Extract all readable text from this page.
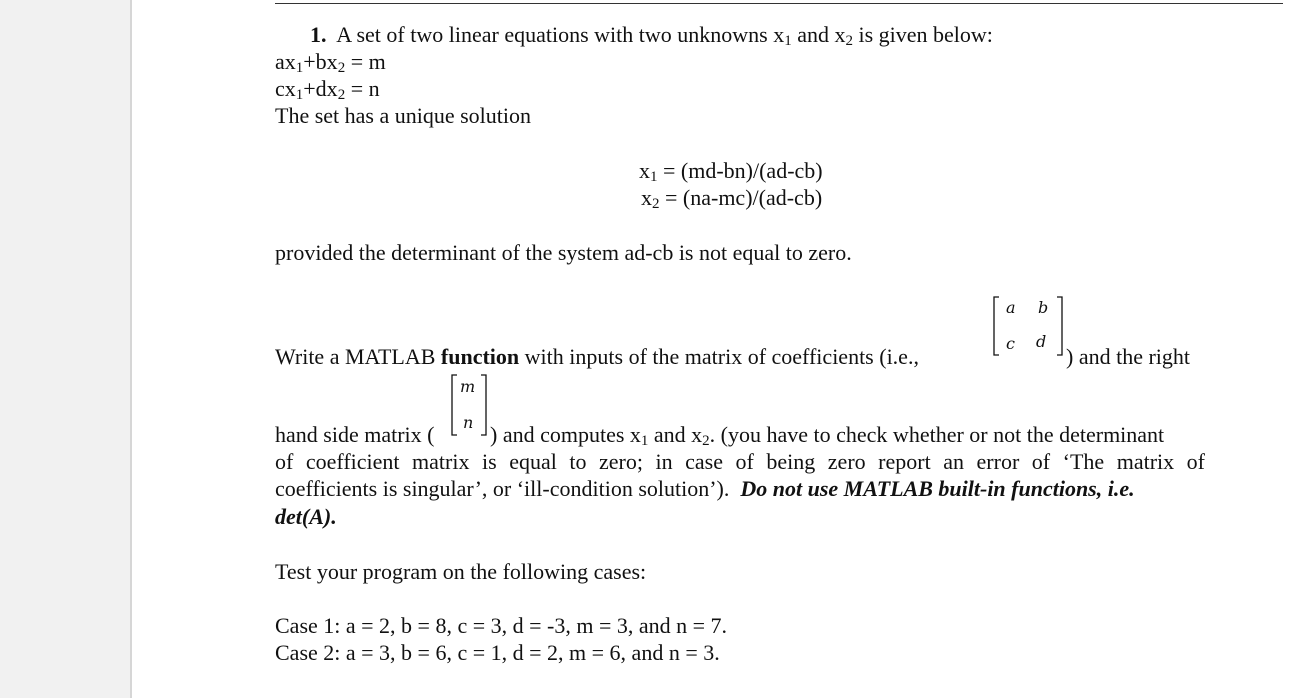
1. A set of two linear equations with two unknowns $x_1$ and $x_2$ is given below:
$ax_1+bx_2 = m$
$cx_1+dx_2 = n$
The set has a unique solution
$x_1 = (md-bn)/(ad-cb)$
$x_2 = (na-mc)/(ad-cb)$
provided the determinant of the system ad-cb is not equal to zero.
Write a MATLAB function with inputs of the matrix of coefficients (i.e.,
a b
c d
) and the right
m
n
hand side matrix (	) and computes $x_1$ and $x_2$. (you have to check whether or not the determinant
of coefficient matrix is equal to zero; in case of being zero report an error of ‘The matrix of
coefficients is singular’, or ‘ill-condition solution’). Do not use MATLAB built-in functions, i.e.
det(A).
Test your program on the following cases:
Case 1: a = 2, b = 8, c = 3, d = -3, m = 3, and n = 7.
Case 2: a = 3, b = 6, c = 1, d = 2, m = 6, and n = 3.
